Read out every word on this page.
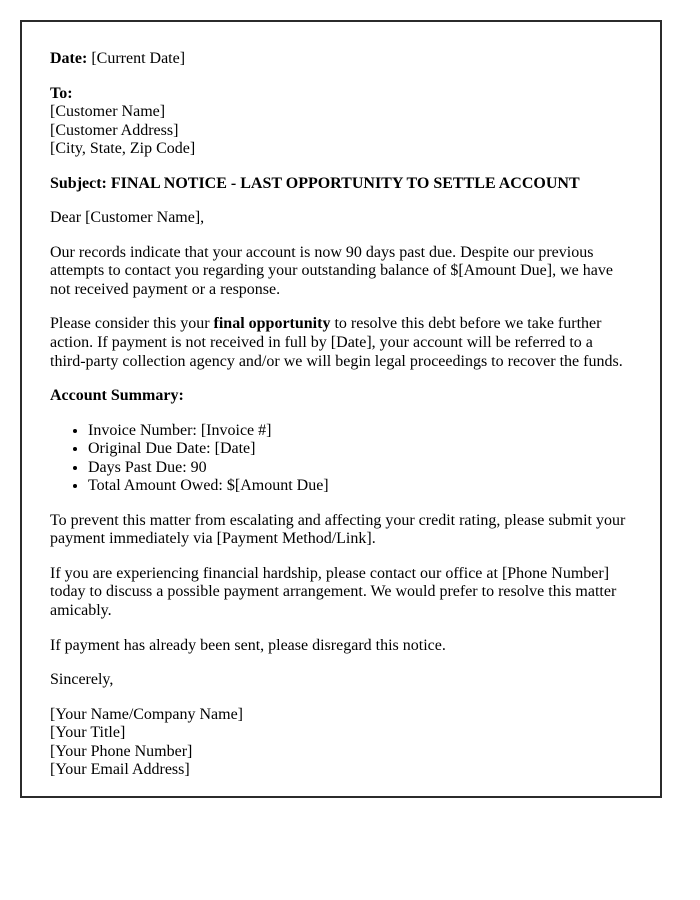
Date: [Current Date]

To:
[Customer Name]
[Customer Address]
[City, State, Zip Code]

Subject: FINAL NOTICE - LAST OPPORTUNITY TO SETTLE ACCOUNT

Dear [Customer Name],

Our records indicate that your account is now 90 days past due. Despite our previous attempts to contact you regarding your outstanding balance of $[Amount Due], we have not received payment or a response.

Please consider this your final opportunity to resolve this debt before we take further action. If payment is not received in full by [Date], your account will be referred to a third-party collection agency and/or we will begin legal proceedings to recover the funds.

Account Summary:

• Invoice Number: [Invoice #]
• Original Due Date: [Date]
• Days Past Due: 90
• Total Amount Owed: $[Amount Due]

To prevent this matter from escalating and affecting your credit rating, please submit your payment immediately via [Payment Method/Link].

If you are experiencing financial hardship, please contact our office at [Phone Number] today to discuss a possible payment arrangement. We would prefer to resolve this matter amicably.

If payment has already been sent, please disregard this notice.

Sincerely,

[Your Name/Company Name]
[Your Title]
[Your Phone Number]
[Your Email Address]
